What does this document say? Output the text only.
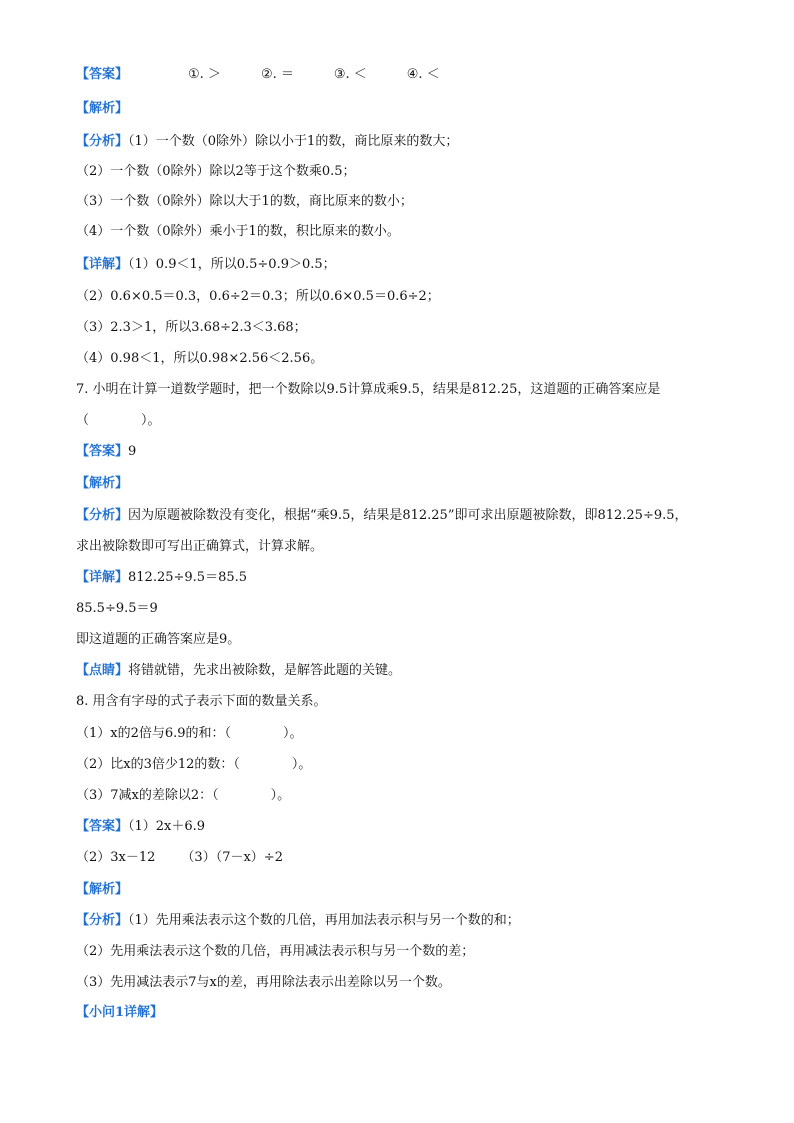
【答案】	①. ＞	②. ＝	③. ＜	④. ＜
【解析】
【分析】（1）一个数（0除外）除以小于1的数，商比原来的数大；
（2）一个数（0除外）除以2等于这个数乘0.5；
（3）一个数（0除外）除以大于1的数，商比原来的数小；
（4）一个数（0除外）乘小于1的数，积比原来的数小。
【详解】（1）0.9＜1，所以0.5÷0.9＞0.5；
（2）0.6×0.5＝0.3，0.6÷2＝0.3；所以0.6×0.5＝0.6÷2；
（3）2.3＞1，所以3.68÷2.3＜3.68；
（4）0.98＜1，所以0.98×2.56＜2.56。
7. 小明在计算一道数学题时，把一个数除以9.5计算成乘9.5，结果是812.25，这道题的正确答案应是
（　　　　）。
【答案】9
【解析】
【分析】因为原题被除数没有变化，根据“乘9.5，结果是812.25”即可求出原题被除数，即812.25÷9.5，
求出被除数即可写出正确算式，计算求解。
【详解】812.25÷9.5＝85.5
85.5÷9.5＝9
即这道题的正确答案应是9。
【点睛】将错就错，先求出被除数，是解答此题的关键。
8. 用含有字母的式子表示下面的数量关系。
（1）x的2倍与6.9的和：（　　　　）。
（2）比x的3倍少12的数：（　　　　）。
（3）7减x的差除以2：（　　　　）。
【答案】（1）2x＋6.9
（2）3x－12 （3）（7－x）÷2
【解析】
【分析】（1）先用乘法表示这个数的几倍，再用加法表示积与另一个数的和；
（2）先用乘法表示这个数的几倍，再用减法表示积与另一个数的差；
（3）先用减法表示7与x的差，再用除法表示出差除以另一个数。
【小问1详解】
